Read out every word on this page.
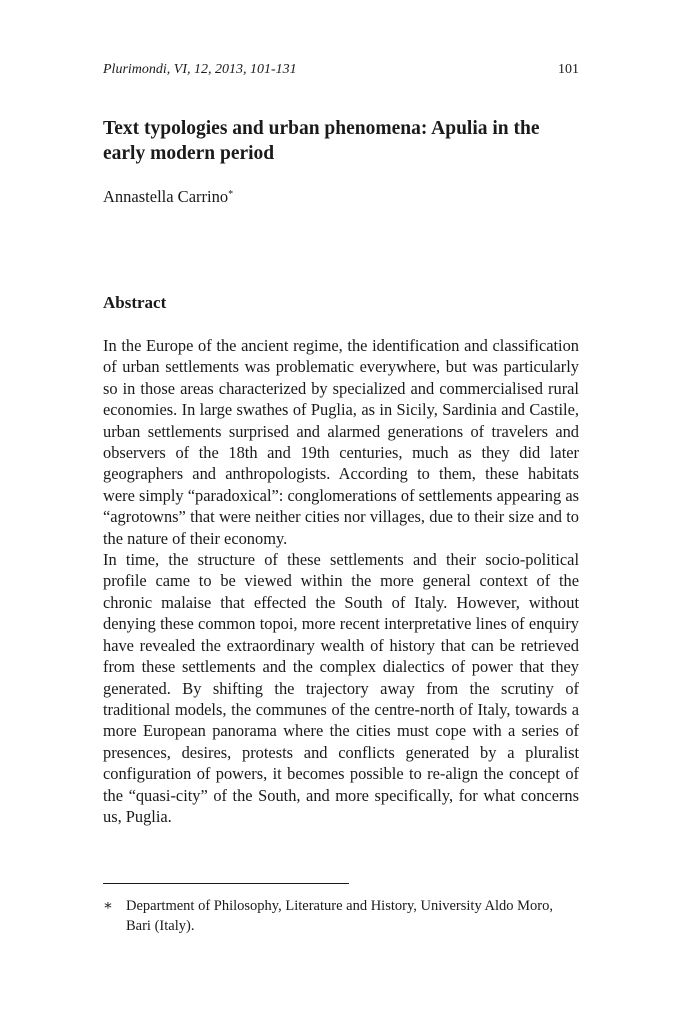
Plurimondi, VI, 12, 2013, 101-131	101
Text typologies and urban phenomena: Apulia in the early modern period
Annastella Carrino*
Abstract

In the Europe of the ancient regime, the identification and classification of urban settlements was problematic everywhere, but was particularly so in those areas characterized by specialized and commercialised rural economies. In large swathes of Puglia, as in Sicily, Sardinia and Castile, urban settlements surprised and alarmed generations of travelers and observers of the 18th and 19th centuries, much as they did later geographers and anthropologists. According to them, these habitats were simply “paradoxical”: conglomerations of settlements appearing as “agrotowns” that were neither cities nor villages, due to their size and to the nature of their economy.

In time, the structure of these settlements and their socio-political profile came to be viewed within the more general context of the chronic malaise that effected the South of Italy. However, without denying these common topoi, more recent interpretative lines of enquiry have revealed the extraordinary wealth of history that can be retrieved from these settlements and the complex dialectics of power that they generated. By shifting the trajectory away from the scrutiny of traditional models, the communes of the centre-north of Italy, towards a more European panorama where the cities must cope with a series of presences, desires, protests and conflicts generated by a pluralist configuration of powers, it becomes possible to re-align the concept of the “quasi-city” of the South, and more specifically, for what concerns us, Puglia.

∗ Department of Philosophy, Literature and History, University Aldo Moro, Bari (Italy).
